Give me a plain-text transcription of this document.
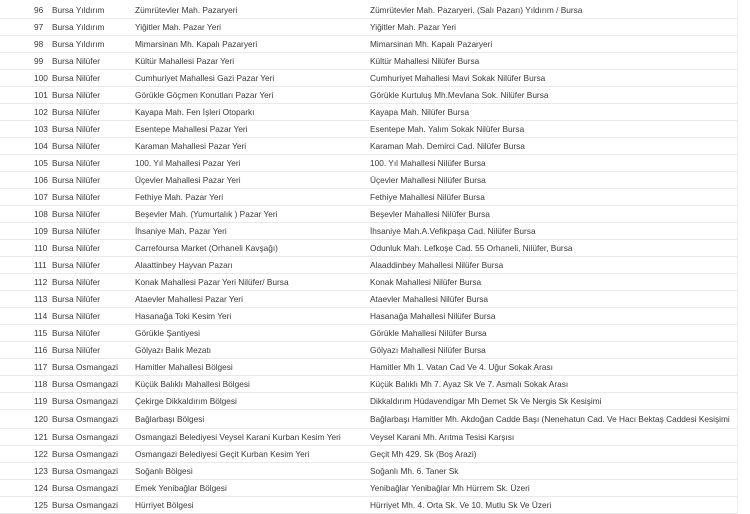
96	Bursa Yıldırım	Zümrütevler Mah. Pazaryeri	Zümrütevler Mah. Pazaryeri. (Salı Pazarı) Yıldırım / Bursa
97	Bursa Yıldırım	Yiğitler Mah. Pazar Yeri	Yiğitler Mah. Pazar Yeri
98	Bursa Yıldırım	Mimarsinan Mh. Kapalı Pazaryeri	Mimarsinan Mh. Kapalı Pazaryeri
99	Bursa Nilüfer	Kültür Mahallesi Pazar Yeri	Kültür Mahallesi Nilüfer Bursa
100	Bursa Nilüfer	Cumhuriyet Mahallesi Gazi Pazar Yeri	Cumhuriyet Mahallesi Mavi Sokak Nilüfer Bursa
101	Bursa Nilüfer	Görükle Göçmen Konutları Pazar Yeri	Görükle Kurtuluş Mh.Mevlana Sok. Nilüfer Bursa
102	Bursa Nilüfer	Kayapa Mah. Fen İşleri Otoparkı	Kayapa Mah. Nilüfer Bursa
103	Bursa Nilüfer	Esentepe Mahallesi Pazar Yeri	Esentepe Mah. Yalım Sokak Nilüfer Bursa
104	Bursa Nilüfer	Karaman Mahallesi Pazar Yeri	Karaman Mah. Demirci Cad. Nilüfer Bursa
105	Bursa Nilüfer	100. Yıl Mahallesi Pazar Yeri	100. Yıl Mahallesi Nilüfer Bursa
106	Bursa Nilüfer	Üçevler Mahallesi Pazar Yeri	Üçevler Mahallesi Nilüfer Bursa
107	Bursa Nilüfer	Fethiye Mah. Pazar Yeri	Fethiye Mahallesi Nilüfer Bursa
108	Bursa Nilüfer	Beşevler Mah. (Yumurtalık ) Pazar Yeri	Beşevler Mahallesi Nilüfer Bursa
109	Bursa Nilüfer	İhsaniye Mah. Pazar Yeri	İhsaniye Mah.A.Vefikpaşa Cad. Nilüfer Bursa
110	Bursa Nilüfer	Carrefoursa Market (Orhaneli Kavşağı)	Odunluk Mah. Lefkoşe Cad. 55 Orhaneli, Nilüfer, Bursa
111	Bursa Nilüfer	Alaattinbey Hayvan Pazarı	Alaaddinbey Mahallesi Nilüfer Bursa
112	Bursa Nilüfer	Konak Mahallesi Pazar Yeri Nilüfer/ Bursa	Konak Mahallesi Nilüfer Bursa
113	Bursa Nilüfer	Ataevler Mahallesi Pazar Yeri	Ataevler Mahallesi Nilüfer Bursa
114	Bursa Nilüfer	Hasanağa Toki Kesim Yeri	Hasanağa Mahallesi Nilüfer Bursa
115	Bursa Nilüfer	Görükle Şantiyesi	Görükle Mahallesi Nilüfer Bursa
116	Bursa Nilüfer	Gölyazı Balık Mezatı	Gölyazı Mahallesi Nilüfer Bursa
117	Bursa Osmangazi	Hamitler Mahallesi Bölgesi	Hamitler Mh 1. Vatan Cad Ve 4. Uğur Sokak Arası
118	Bursa Osmangazi	Küçük Balıklı Mahallesi Bölgesi	Küçük Balıklı Mh 7. Ayaz Sk Ve 7. Asmalı Sokak Arası
119	Bursa Osmangazi	Çekirge Dikkaldırım Bölgesi	Dikkaldırım Hüdavendigar Mh Demet Sk Ve Nergis Sk Kesişimi
120	Bursa Osmangazi	Bağlarbaşı Bölgesi	Bağlarbaşı Hamitler Mh. Akdoğan Cadde Başı (Nenehatun Cad. Ve Hacı Bektaş Caddesi Kesişimi
121	Bursa Osmangazi	Osmangazi Belediyesi Veysel Karani Kurban Kesim Yeri	Veysel Karani Mh. Arıtma Tesisi Karşısı
122	Bursa Osmangazi	Osmangazi Belediyesi Geçit Kurban Kesim Yeri	Geçit Mh 429. Sk (Boş Arazi)
123	Bursa Osmangazi	Soğanlı Bölgesi	Soğanlı Mh. 6. Taner Sk
124	Bursa Osmangazi	Emek Yenibağlar Bölgesi	Yenibağlar Yenibağlar Mh Hürrem Sk. Üzeri
125	Bursa Osmangazi	Hürriyet Bölgesi	Hürriyet Mh. 4. Orta Sk. Ve 10. Mutlu Sk Ve Üzeri
